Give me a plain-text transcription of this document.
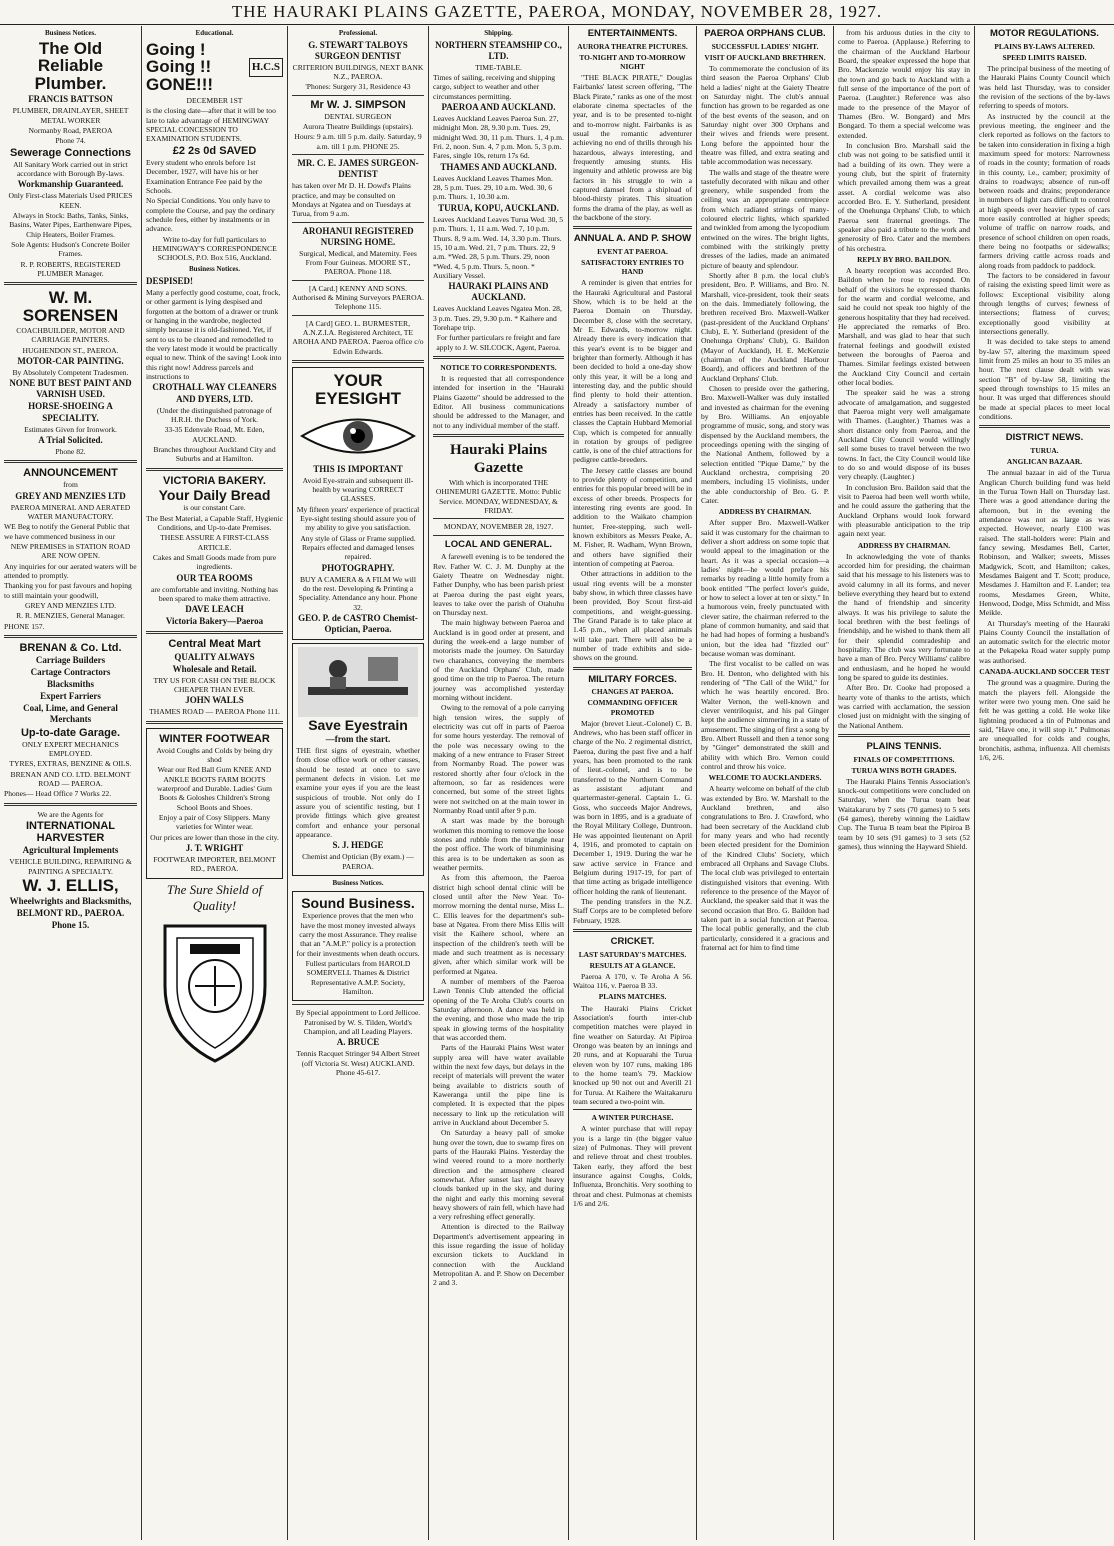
THE HAURAKI PLAINS GAZETTE, PAEROA, MONDAY, NOVEMBER 28, 1927.
Business Notices.
The Old Reliable Plumber.
FRANCIS BATTSON
PLUMBER, DRAINLAYER, SHEET METAL WORKER
Normanby Road, PAEROA
Phone 74.
Sewerage Connections
All Sanitary Work carried out in strict accordance with Borough By-laws.
Workmanship Guaranteed.
Only First-class Materials Used PRICES KEEN.
Always in Stock: Baths, Tanks, Sinks, Basins, Water Pipes, Earthenware Pipes, Chip Heaters, Boiler Frames.
Sole Agents: Hudson's Concrete Boiler Frames.
R. P. ROBERTS, REGISTERED PLUMBER Manager.
W. M. SORENSEN
COACHBUILDER, MOTOR AND CARRIAGE PAINTERS.
HUGHENDON ST., PAEROA.
MOTOR-CAR PAINTING.
By Absolutely Competent Tradesmen.
NONE BUT BEST PAINT AND VARNISH USED.
HORSE-SHOEING A SPECIALITY.
Estimates Given for Ironwork.
A Trial Solicited.
Phone 82.
ANNOUNCEMENT
from
GREY AND MENZIES LTD
PAEROA MINERAL AND AERATED WATER MANUFACTORY.
WE Beg to notify the General Public that we have commenced business in our
NEW PREMISES in STATION ROAD ARE NOW OPEN.
Any inquiries for our aerated waters will be attended to promptly.
Thanking you for past favours and hoping to still maintain your goodwill,
GREY AND MENZIES LTD.
R. R. MENZIES, General Manager.
PHONE 157.
BRENAN & Co. Ltd.
Carriage Builders
Cartage Contractors
Blacksmiths
Expert Farriers
Coal, Lime, and General Merchants
Up-to-date Garage.
ONLY EXPERT MECHANICS EMPLOYED.
TYRES, EXTRAS, BENZINE & OILS.
BRENAN AND CO. LTD. BELMONT ROAD — PAEROA.
Phones— Head Office 7 Works 22.
We are the Agents for
INTERNATIONAL HARVESTER
Agricultural Implements
VEHICLE BUILDING, REPAIRING & PAINTING A SPECIALTY.
W. J. ELLIS,
Wheelwrights and Blacksmiths,
BELMONT RD., PAEROA.
Phone 15.
Educational.
Going ! Going !! GONE!!!
H.C.S
DECEMBER 1ST
is the closing date—after that it will be too late to take advantage of HEMINGWAY SPECIAL CONCESSION TO EXAMINATION STUDENTS.
£2 2s 0d SAVED
Every student who enrols before 1st December, 1927, will have his or her Examination Entrance Fee paid by the Schools.
No Special Conditions. You only have to complete the Course, and pay the ordinary schedule fees, either by instalments or in advance.
Write to-day for full particulars to HEMINGWAY'S CORRESPONDENCE SCHOOLS, P.O. Box 516, Auckland.
Business Notices.
DESPISED!
Many a perfectly good costume, coat, frock, or other garment is lying despised and forgotten at the bottom of a drawer or trunk or hanging in the wardrobe, neglected simply because it is old-fashioned. Yet, if sent to us to be cleaned and remodelled to the very latest mode it would be practically equal to new. Think of the saving! Look into this right now! Address parcels and instructions to
CROTHALL WAY CLEANERS AND DYERS, LTD.
(Under the distinguished patronage of H.R.H. the Duchess of York.
33-35 Edenvale Road, Mt. Eden, AUCKLAND.
Branches throughout Auckland City and Suburbs and at Hamilton.
VICTORIA BAKERY.
Your Daily Bread
is our constant Care.
The Best Material, a Capable Staff, Hygienic Conditions, and Up-to-date Premises.
THESE ASSURE A FIRST-CLASS ARTICLE.
Cakes and Small Goods made from pure ingredients.
OUR TEA ROOMS
are comfortable and inviting. Nothing has been spared to make them attractive.
DAVE LEACH
Victoria Bakery—Paeroa
Central Meat Mart
QUALITY ALWAYS
Wholesale and Retail.
TRY US FOR CASH ON THE BLOCK CHEAPER THAN EVER.
JOHN WALLS
THAMES ROAD — PAEROA Phone 111.
WINTER FOOTWEAR
Avoid Coughs and Colds by being dry shod
Wear our Red Ball Gum KNEE AND ANKLE BOOTS FARM BOOTS waterproof and Durable. Ladies' Gum Boots & Goloshes Children's Strong School Boots and Shoes.
Enjoy a pair of Cosy Slippers. Many varieties for Winter wear.
Our prices are lower than those in the city.
J. T. WRIGHT
FOOTWEAR IMPORTER, BELMONT RD., PAEROA.
The Sure Shield of Quality!
Professional.
G. STEWART TALBOYS SURGEON DENTIST
CRITERION BUILDINGS, NEXT BANK N.Z., PAEROA.
'Phones: Surgery 31, Residence 43
Mr W. J. SIMPSON
DENTAL SURGEON
Aurora Theatre Buildings (upstairs).
Hours: 9 a.m. till 5 p.m. daily. Saturday, 9 a.m. till 1 p.m. PHONE 25.
MR. C. E. JAMES SURGEON-DENTIST
has taken over Mr D. H. Dowd's Plains practice, and may be consulted on Mondays at Ngatea and on Tuesdays at Turua, from 9 a.m.
AROHANUI REGISTERED NURSING HOME.
Surgical, Medical, and Maternity. Fees From Four Guineas. MOORE ST., PAEROA. Phone 118.
[A Card.] KENNY AND SONS. Authorised & Mining Surveyors PAEROA. Telephone 115.
[A Card] GEO. L. BURMESTER, A.N.Z.I.A. Registered Architect, TE AROHA AND PAEROA. Paeroa office c/o Edwin Edwards.
YOUR EYESIGHT
THIS IS IMPORTANT
Avoid Eye-strain and subsequent ill-health by wearing CORRECT GLASSES.
My fifteen years' experience of practical Eye-sight testing should assure you of my ability to give you satisfaction.
Any style of Glass or Frame supplied. Repairs effected and damaged lenses repaired.
PHOTOGRAPHY.
BUY A CAMERA & A FILM We will do the rest. Developing & Printing a Speciality. Attendance any hour. Phone 32.
GEO. P. de CASTRO Chemist-Optician, Paeroa.
Save Eyestrain
—from the start.
THE first signs of eyestrain, whether from close office work or other causes, should be tested at once to save permanent defects in vision. Let me examine your eyes if you are the least suspicious of trouble. Not only do I assure you of scientific testing, but I provide fittings which give greatest comfort and enhance your personal appearance.
S. J. HEDGE
Chemist and Optician (By exam.) — PAEROA.
Business Notices.
Sound Business.
Experience proves that the men who have the most money invested always carry the most Assurance. They realise that an "A.M.P." policy is a protection for their investments when death occurs.
Fullest particulars from HAROLD SOMERVELL Thames & District Representative A.M.P. Society, Hamilton.
By Special appointment to Lord Jellicoe. Patronised by W. S. Tilden, World's Champion, and all Leading Players.
A. BRUCE
Tennis Racquet Stringer 94 Albert Street (off Victoria St. West) AUCKLAND. Phone 45-617.
Shipping.
NORTHERN STEAMSHIP CO., LTD.
TIME-TABLE.
Times of sailing, receiving and shipping cargo, subject to weather and other circumstances permitting.
PAEROA AND AUCKLAND.
Leaves Auckland Leaves Paeroa Sun. 27, midnight Mon. 28, 9.30 p.m. Tues. 29, midnight Wed. 30, 11 p.m. Thurs. 1, 4 p.m. Fri. 2, noon. Sun. 4, 7 p.m. Mon. 5, 3 p.m. Fares, single 10s, return 17s 6d.
THAMES AND AUCKLAND.
Leaves Auckland Leaves Thames Mon. 28, 5 p.m. Tues. 29, 10 a.m. Wed. 30, 6 p.m. Thurs. 1, 10.30 a.m.
TURUA, KOPU, AUCKLAND.
Leaves Auckland Leaves Turua Wed. 30, 5 p.m. Thurs. 1, 11 a.m. Wed. 7, 10 p.m. Thurs. 8, 9 a.m. Wed. 14, 3.30 p.m. Thurs. 15, 10 a.m. Wed. 21, 7 p.m. Thurs. 22, 9 a.m. *Wed. 28, 5 p.m. Thurs. 29, noon *Wed. 4, 5 p.m. Thurs. 5, noon. * Auxiliary Vessel.
HAURAKI PLAINS AND AUCKLAND.
Leaves Auckland Leaves Ngatea Mon. 28, 3 p.m. Tues. 29, 9.30 p.m. * Kaihere and Torehape trip.
For further particulars re freight and fare apply to J. W. SILCOCK, Agent, Paeroa.
NOTICE TO CORRESPONDENTS.

It is requested that all correspondence intended for insertion in the "Hauraki Plains Gazette" should be addressed to the Editor. All business communications should be addressed to the Manager, and not to any individual member of the staff.

Hauraki Plains Gazette
With which is incorporated THE OHINEMURI GAZETTE. Motto: Public Service. MONDAY, WEDNESDAY, & FRIDAY.
MONDAY, NOVEMBER 28, 1927.
LOCAL AND GENERAL.

A farewell evening is to be tendered the Rev. Father W. C. J. M. Dunphy at the Gaiety Theatre on Wednesday night. Father Dunphy, who has been parish priest at Paeroa during the past eight years, leaves to take over the parish of Otahuhu on Thursday next.

The main highway between Paeroa and Auckland is in good order at present, and during the week-end a large number of motorists made the journey. On Saturday two charabancs, conveying the members of the Auckland Orphans' Club, made good time on the trip to Paeroa. The return journey was accomplished yesterday morning without incident.

Owing to the removal of a pole carrying high tension wires, the supply of electricity was cut off in parts of Paeroa for some hours yesterday. The removal of the pole was necessary owing to the making of a new entrance to Fraser Street from Normanby Road. The power was restored shortly after four o'clock in the afternoon, so far as residences were concerned, but some of the street lights were not switched on at the main tower in Normanby Road until after 9 p.m.

A start was made by the borough workmen this morning to remove the loose stones and rubble from the triangle near the post office. The work of bituminising this area is to be undertaken as soon as weather permits.

As from this afternoon, the Paeroa district high school dental clinic will be closed until after the New Year. To-morrow morning the dental nurse, Miss L. C. Ellis leaves for the department's sub-base at Ngatea. From there Miss Ellis will visit the Kaihere school, where an inspection of the children's teeth will be made and such treatment as is necessary given, after which similar work will be performed at Ngatea.

A number of members of the Paeroa Lawn Tennis Club attended the official opening of the Te Aroha Club's courts on Saturday afternoon. A dance was held in the evening, and those who made the trip speak in glowing terms of the hospitality that was accorded them.

Parts of the Hauraki Plains West water supply area will have water available within the next few days, but delays in the receipt of materials will prevent the water being available to districts south of Kaweranga until the pipe line is completed. It is expected that the pipes necessary to link up the reticulation will arrive in Auckland about December 5.

On Saturday a heavy pall of smoke hung over the town, due to swamp fires on parts of the Hauraki Plains. Yesterday the wind veered round to a more northerly direction and the atmosphere cleared somewhat. After sunset last night heavy clouds banked up in the sky, and during the night and early this morning several heavy showers of rain fell, which have had a very refreshing effect generally.

Attention is directed to the Railway Department's advertisement appearing in this issue regarding the issue of holiday excursion tickets to Auckland in connection with the Auckland Metropolitan A. and P. Show on December 2 and 3.

ENTERTAINMENTS.
AURORA THEATRE PICTURES.
TO-NIGHT AND TO-MORROW NIGHT

"THE BLACK PIRATE," Douglas Fairbanks' latest screen offering, "The Black Pirate," ranks as one of the most elaborate cinema spectacles of the year, and is to be presented to-night and to-morrow night. Fairbanks is as usual the romantic adventurer achieving no end of thrills through his hazardous, always interesting, and frequently amusing stunts. His ingenuity and athletic prowess are big factors in his struggle to win a captured damsel from a shipload of blood-thirsty pirates. This situation forms the drama of the play, as well as the backbone of the story.

ANNUAL A. AND P. SHOW
EVENT AT PAEROA.
SATISFACTORY ENTRIES TO HAND

A reminder is given that entries for the Hauraki Agricultural and Pastoral Show, which is to be held at the Paeroa Domain on Thursday, December 8, close with the secretary, Mr E. Edwards, to-morrow night. Already there is every indication that this year's event is to be bigger and brighter than formerly. Although it has been decided to hold a one-day show only this year, it will be a long and interesting day, and the public should find plenty to hold their attention. Already a satisfactory number of entries has been received. In the cattle classes the Captain Hubbard Memorial Cup, which is competed for annually in rotation by groups of pedigree cattle, is one of the chief attractions for pedigree cattle-breeders.

The Jersey cattle classes are bound to provide plenty of competition, and entries for this popular breed will be in excess of other breeds. Prospects for interesting ring events are good. In addition to the Waikato champion hunter, Free-stepping, such well-known exhibitors as Messrs Peake, A. M. Fisher, R. Wadham, Wynn Brown, and others have signified their intention of competing at Paeroa.

Other attractions in addition to the usual ring events will be a monster baby show, in which three classes have been provided, Boy Scout first-aid competitions, and weight-guessing. The Grand Parade is to take place at 1.45 p.m., when all placed animals will take part. There will also be a number of trade exhibits and side-shows on the ground.

MILITARY FORCES.
CHANGES AT PAEROA.
COMMANDING OFFICER PROMOTED

Major (brevet Lieut.-Colonel) C. B. Andrews, who has been staff officer in charge of the No. 2 regimental district, Paeroa, during the past five and a half years, has been promoted to the rank of lieut.-colonel, and is to be transferred to the Northern Command as assistant adjutant and quartermaster-general. Captain L. G. Goss, who succeeds Major Andrews, was born in 1895, and is a graduate of the Royal Military College, Duntroon. He was appointed lieutenant on April 4, 1916, and promoted to captain on December 1, 1919. During the war he saw active service in France and Belgium during 1917-19, for part of that time acting as brigade intelligence officer holding the rank of lieutenant.

The pending transfers in the N.Z. Staff Corps are to be completed before February, 1928.

CRICKET.
LAST SATURDAY'S MATCHES.
RESULTS AT A GLANCE.

Paeroa A 170, v. Te Aroha A 56. Waitoa 116, v. Paeroa B 33.

PLAINS MATCHES.

The Hauraki Plains Cricket Association's fourth inter-club competition matches were played in fine weather on Saturday. At Pipiroa Orongo was beaten by an innings and 20 runs, and at Kopuarahi the Turua eleven won by 107 runs, making 186 to the home team's 79. Mackiow knocked up 90 not out and Averill 21 for Turua. At Kaihere the Waitakaruru team secured a two-point win.

A WINTER PURCHASE.

A winter purchase that will repay you is a large tin (the bigger value size) of Pulmonas. They will prevent and relieve throat and chest troubles. Taken early, they afford the best insurance against Coughs, Colds, Influenza, Bronchitis. Very soothing to throat and chest. Pulmonas at chemists 1/6 and 2/6.

PAEROA ORPHANS CLUB.
SUCCESSFUL LADIES' NIGHT.
VISIT OF AUCKLAND BRETHREN.

To commemorate the conclusion of its third season the Paeroa Orphans' Club held a ladies' night at the Gaiety Theatre on Saturday night. The club's annual function has grown to be regarded as one of the best events of the season, and on Saturday night over 300 Orphans and their wives and friends were present. Long before the appointed hour the theatre was filled, and extra seating and table accommodation was necessary.

The walls and stage of the theatre were tastefully decorated with nikau and other greenery, while suspended from the ceiling was an appropriate centrepiece from which radiated strings of many-coloured electric lights, which sparkled and twinkled from among the lycopodium entwined on the wires. The bright lights, combined with the strikingly pretty dresses of the ladies, made an animated picture of beauty and splendour.

Shortly after 8 p.m. the local club's president, Bro. P. Williams, and Bro. N. Marshall, vice-president, took their seats on the dais. Immediately following, the brethren received Bro. Maxwell-Walker (past-president of the Auckland Orphans' Club), E. Y. Sutherland (president of the Onehunga Orphans' Club), G. Baildon (Mayor of Auckland), H. E. McKenzie (chairman of the Auckland Harbour Board), and officers and brethren of the Auckland Orphans' Club.

Chosen to preside over the gathering, Bro. Maxwell-Walker was duly installed and invested as chairman for the evening by Bro. Williams. An enjoyable programme of music, song, and story was dispensed by the Auckland members, the proceedings opening with the singing of the National Anthem, followed by a selection entitled "Pique Dame," by the Auckland orchestra, comprising 20 members, including 15 violinists, under the able conductorship of Bro. G. P. Cater.

ADDRESS BY CHAIRMAN.

After supper Bro. Maxwell-Walker said it was customary for the chairman to deliver a short address on some topic that would appeal to the imagination or the heart. As it was a special occasion—a ladies' night—he would preface his remarks by reading a little homily from a book entitled "The perfect lover's guide, or how to select a lover at ten or sixty." In a humorous vein, freely punctuated with clever satire, the chairman referred to the plane of common humanity, and said that he had had hopes of forming a husband's union, but the idea had "fizzled out" because woman was dominant.

The first vocalist to be called on was Bro. H. Denton, who delighted with his rendering of "The Call of the Wild," for which he was heartily encored. Bro. Walter Vernon, the well-known and clever ventriloquist, and his pal Ginger kept the audience simmering in a state of amusement. The singing of first a song by Bro. Albert Russell and then a tenor song by "Ginger" demonstrated the skill and ability with which Bro. Vernon could control and throw his voice.

WELCOME TO AUCKLANDERS.

A hearty welcome on behalf of the club was extended by Bro. W. Marshall to the Auckland brethren, and also congratulations to Bro. J. Crawford, who had been secretary of the Auckland club for many years and who had recently been elected president for the Dominion of the Kindred Clubs' Society, which embraced all Orphans and Savage Clubs. The local club was privileged to entertain distinguished visitors that evening. With reference to the presence of the Mayor of Auckland, the speaker said that it was the second occasion that Bro. G. Baildon had taken part in a social function at Paeroa. The local public generally, and the club particularly, considered it a gracious and fraternal act for him to find time

from his arduous duties in the city to come to Paeroa. (Applause.) Referring to the chairman of the Auckland Harbour Board, the speaker expressed the hope that Bro. Mackenzie would enjoy his stay in the town and go back to Auckland with a full sense of the importance of the port of Paeroa. (Laughter.) Reference was also made to the presence of the Mayor of Thames (Bro. W. Bongard) and Mrs Bongard. To them a special welcome was extended.

In conclusion Bro. Marshall said the club was not going to be satisfied until it had a building of its own. They were a young club, but the spirit of fraternity which prevailed among them was a great asset. A cordial welcome was also accorded Bro. E. Y. Sutherland, president of the Onehunga Orphans' Club, to which Paeroa sent fraternal greetings. The speaker also paid a tribute to the work and generosity of Bro. Cater and the members of his orchestra.

REPLY BY BRO. BAILDON.

A hearty reception was accorded Bro. Baildon when he rose to respond. On behalf of the visitors he expressed thanks for the warm and cordial welcome, and said he could not speak too highly of the generous hospitality that they had received. He appreciated the remarks of Bro. Marshall, and was glad to hear that such fraternal feelings and goodwill existed between the boroughs of Paeroa and Thames. Similar feelings existed between the Auckland City Council and certain other local bodies.

The speaker said he was a strong advocate of amalgamation, and suggested that Paeroa might very well amalgamate with Thames. (Laughter.) Thames was a short distance only from Paeroa, and the Auckland City Council would willingly sell some buses to travel between the two towns. In fact, the City Council would like to do so and would dispose of its buses very cheaply. (Laughter.)

In conclusion Bro. Baildon said that the visit to Paeroa had been well worth while, and he could assure the gathering that the Auckland Orphans would look forward with pleasurable anticipation to the trip again next year.

ADDRESS BY CHAIRMAN.

In acknowledging the vote of thanks accorded him for presiding, the chairman said that his message to his listeners was to avoid calumny in all its forms, and never believe everything they heard but to extend the hand of friendship and sincerity always. It was his privilege to salute the local brethren with the best feelings of friendship, and he wished to thank them all for their splendid comradeship and hospitality. The club was very fortunate to have a man of Bro. Percy Williams' calibre and enthusiasm, and he hoped he would long be spared to guide its destinies.

After Bro. Dr. Cooke had proposed a hearty vote of thanks to the artists, which was carried with acclamation, the session closed just on midnight with the singing of the National Anthem.

PLAINS TENNIS.
FINALS OF COMPETITIONS.
TURUA WINS BOTH GRADES.

The Hauraki Plains Tennis Association's knock-out competitions were concluded on Saturday, when the Turua team beat Waitakaruru by 7 sets (70 games) to 5 sets (64 games), thereby winning the Laidlaw Cup. The Turua B team beat the Pipiroa B team by 10 sets (91 games) to 3 sets (52 games), thus winning the Hayward Shield.

MOTOR REGULATIONS.
PLAINS BY-LAWS ALTERED.
SPEED LIMITS RAISED.

The principal business of the meeting of the Hauraki Plains County Council which was held last Thursday, was to consider the revision of the sections of the by-laws referring to speeds of motors.

As instructed by the council at the previous meeting, the engineer and the clerk reported as follows on the factors to be taken into consideration in fixing a high maximum speed for motors: Narrowness of roads in the county; formation of roads in this county, i.e., camber; proximity of drains to roadways; absence of run-off between roads and drains; preponderance in numbers of light cars difficult to control at high speeds over heavier types of cars more easily controlled at higher speeds; volume of traffic on narrow roads, and presence of school children on open roads, there being no footpaths or sidewalks; farmers driving cattle across roads and along roads from paddock to paddock.

The factors to be considered in favour of raising the existing speed limit were as follows: Exceptional visibility along through lengths of curves; fewness of intersections; flatness of curves; exceptionally good visibility at intersections generally.

It was decided to take steps to amend by-law 57, altering the maximum speed limit from 25 miles an hour to 35 miles an hour. The next clause dealt with was section "B" of by-law 58, limiting the speed through townships to 15 miles an hour. It was urged that differences should be made at special places to meet local conditions.

DISTRICT NEWS.
TURUA.
ANGLICAN BAZAAR.

The annual bazaar in aid of the Turua Anglican Church building fund was held in the Turua Town Hall on Thursday last. There was a good attendance during the afternoon, but in the evening the attendance was not as large as was expected. However, nearly £100 was raised. The stall-holders were: Plain and fancy sewing, Mesdames Bell, Carter, Robinson, and Walker; sweets, Misses Madgwick, Scott, and Hamilton; cakes, Mesdames Baigent and T. Scott; produce, Mesdames J. Hamilton and F. Lander; tea rooms, Mesdames Green, White, Henwood, Dodge, Miss Schmidt, and Miss Meikle.

At Thursday's meeting of the Hauraki Plains County Council the installation of an automatic switch for the electric motor at the Pekapeka Road water supply pump was authorised.

CANADA-AUCKLAND SOCCER TEST

The ground was a quagmire. During the match the players fell. Alongside the writer were two young men. One said he felt he was getting a cold. He woke like lightning produced a tin of Pulmonas and said, "Have one, it will stop it." Pulmonas are unequalled for colds and coughs, bronchitis, asthma, influenza. All chemists 1/6, 2/6.
